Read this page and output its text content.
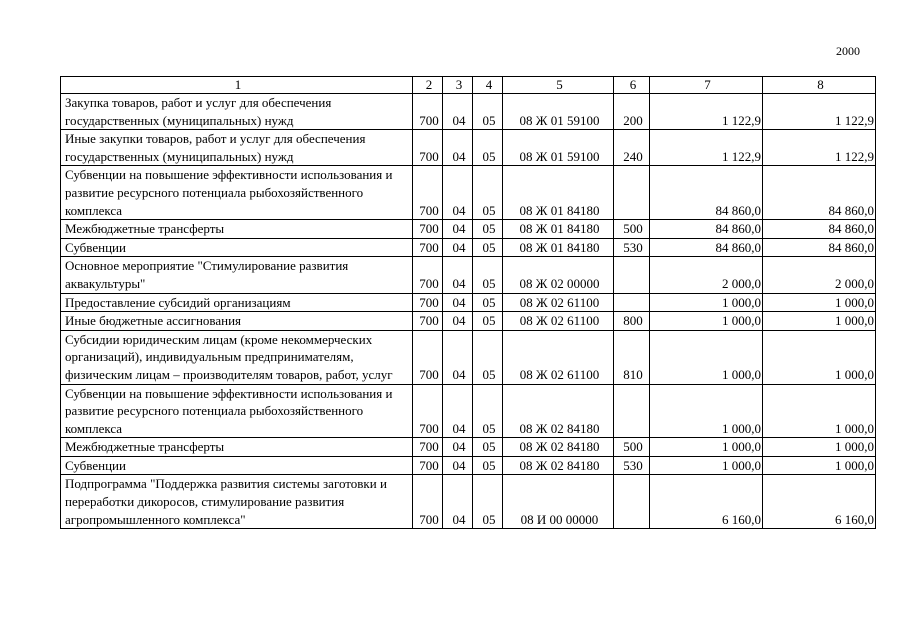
2000
1	2	3	4	5	6	7	8
Закупка товаров, работ и услуг для обеспечения государственных (муниципальных) нужд	700	04	05	08 Ж 01 59100	200	1 122,9	1 122,9
Иные закупки товаров, работ и услуг для обеспечения государственных (муниципальных) нужд	700	04	05	08 Ж 01 59100	240	1 122,9	1 122,9
Субвенции на повышение эффективности использования и развитие ресурсного потенциала рыбохозяйственного комплекса	700	04	05	08 Ж 01 84180		84 860,0	84 860,0
Межбюджетные трансферты	700	04	05	08 Ж 01 84180	500	84 860,0	84 860,0
Субвенции	700	04	05	08 Ж 01 84180	530	84 860,0	84 860,0
Основное мероприятие "Стимулирование развития аквакультуры"	700	04	05	08 Ж 02 00000		2 000,0	2 000,0
Предоставление субсидий организациям	700	04	05	08 Ж 02 61100		1 000,0	1 000,0
Иные бюджетные ассигнования	700	04	05	08 Ж 02 61100	800	1 000,0	1 000,0
Субсидии юридическим лицам (кроме некоммерческих организаций), индивидуальным предпринимателям, физическим лицам – производителям товаров, работ, услуг	700	04	05	08 Ж 02 61100	810	1 000,0	1 000,0
Субвенции на повышение эффективности использования и развитие ресурсного потенциала рыбохозяйственного комплекса	700	04	05	08 Ж 02 84180		1 000,0	1 000,0
Межбюджетные трансферты	700	04	05	08 Ж 02 84180	500	1 000,0	1 000,0
Субвенции	700	04	05	08 Ж 02 84180	530	1 000,0	1 000,0
Подпрограмма "Поддержка развития системы заготовки и переработки дикоросов, стимулирование развития агропромышленного комплекса"	700	04	05	08 И 00 00000		6 160,0	6 160,0
